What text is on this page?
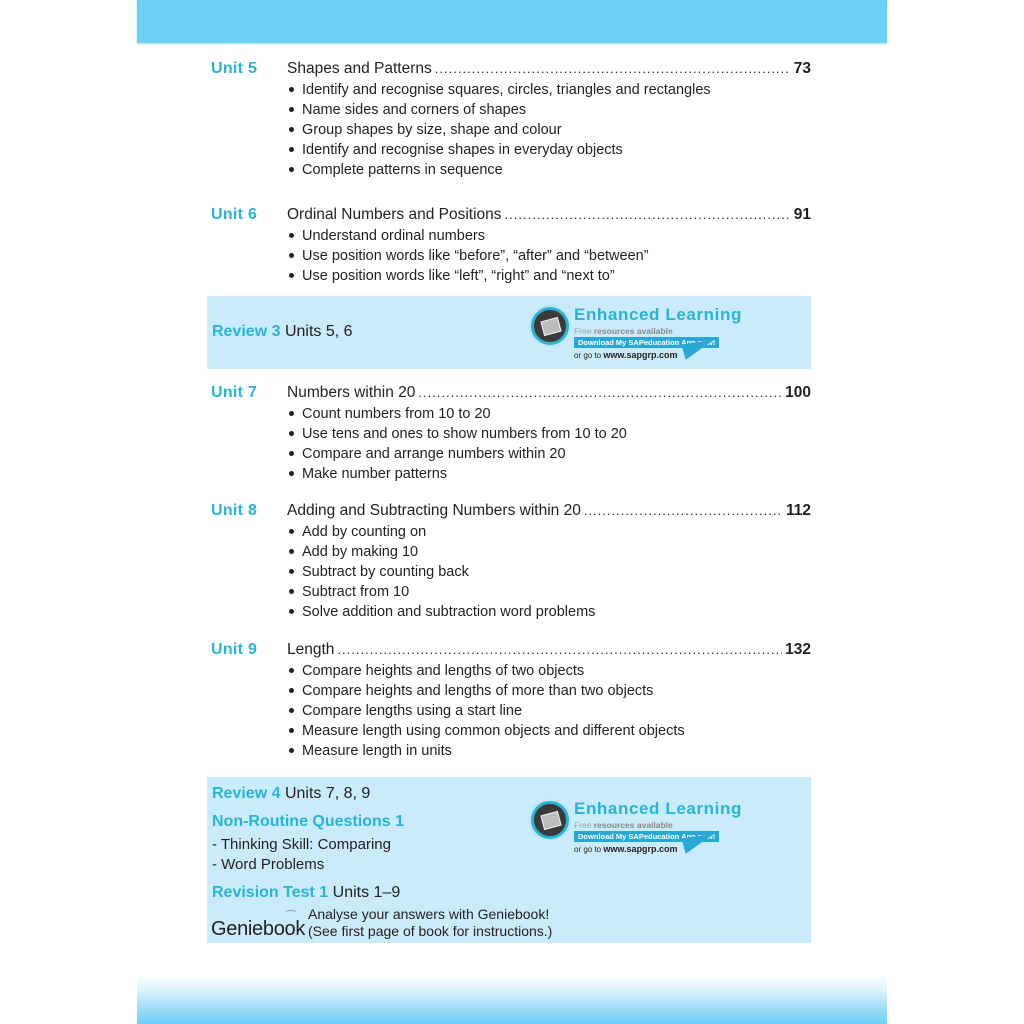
Unit 5 Shapes and Patterns .....	73
Identify and recognise squares, circles, triangles and rectangles
Name sides and corners of shapes
Group shapes by size, shape and colour
Identify and recognise shapes in everyday objects
Complete patterns in sequence
Unit 6 Ordinal Numbers and Positions .....	91
Understand ordinal numbers
Use position words like “before”, “after” and “between”
Use position words like “left”, “right” and “next to”
Review 3 Units 5, 6
Enhanced Learning
Free resources available
Download My SAPeducation App now!
or go to www.sapgrp.com
Unit 7 Numbers within 20 .....	100
Count numbers from 10 to 20
Use tens and ones to show numbers from 10 to 20
Compare and arrange numbers within 20
Make number patterns
Unit 8 Adding and Subtracting Numbers within 20 .....	112
Add by counting on
Add by making 10
Subtract by counting back
Subtract from 10
Solve addition and subtraction word problems
Unit 9 Length .....	132
Compare heights and lengths of two objects
Compare heights and lengths of more than two objects
Compare lengths using a start line
Measure length using common objects and different objects
Measure length in units
Review 4 Units 7, 8, 9
Non-Routine Questions 1
- Thinking Skill: Comparing
- Word Problems
Revision Test 1 Units 1–9
Geniebook
Analyse your answers with Geniebook!
(See first page of book for instructions.)
Enhanced Learning
Free resources available
Download My SAPeducation App now!
or go to www.sapgrp.com
